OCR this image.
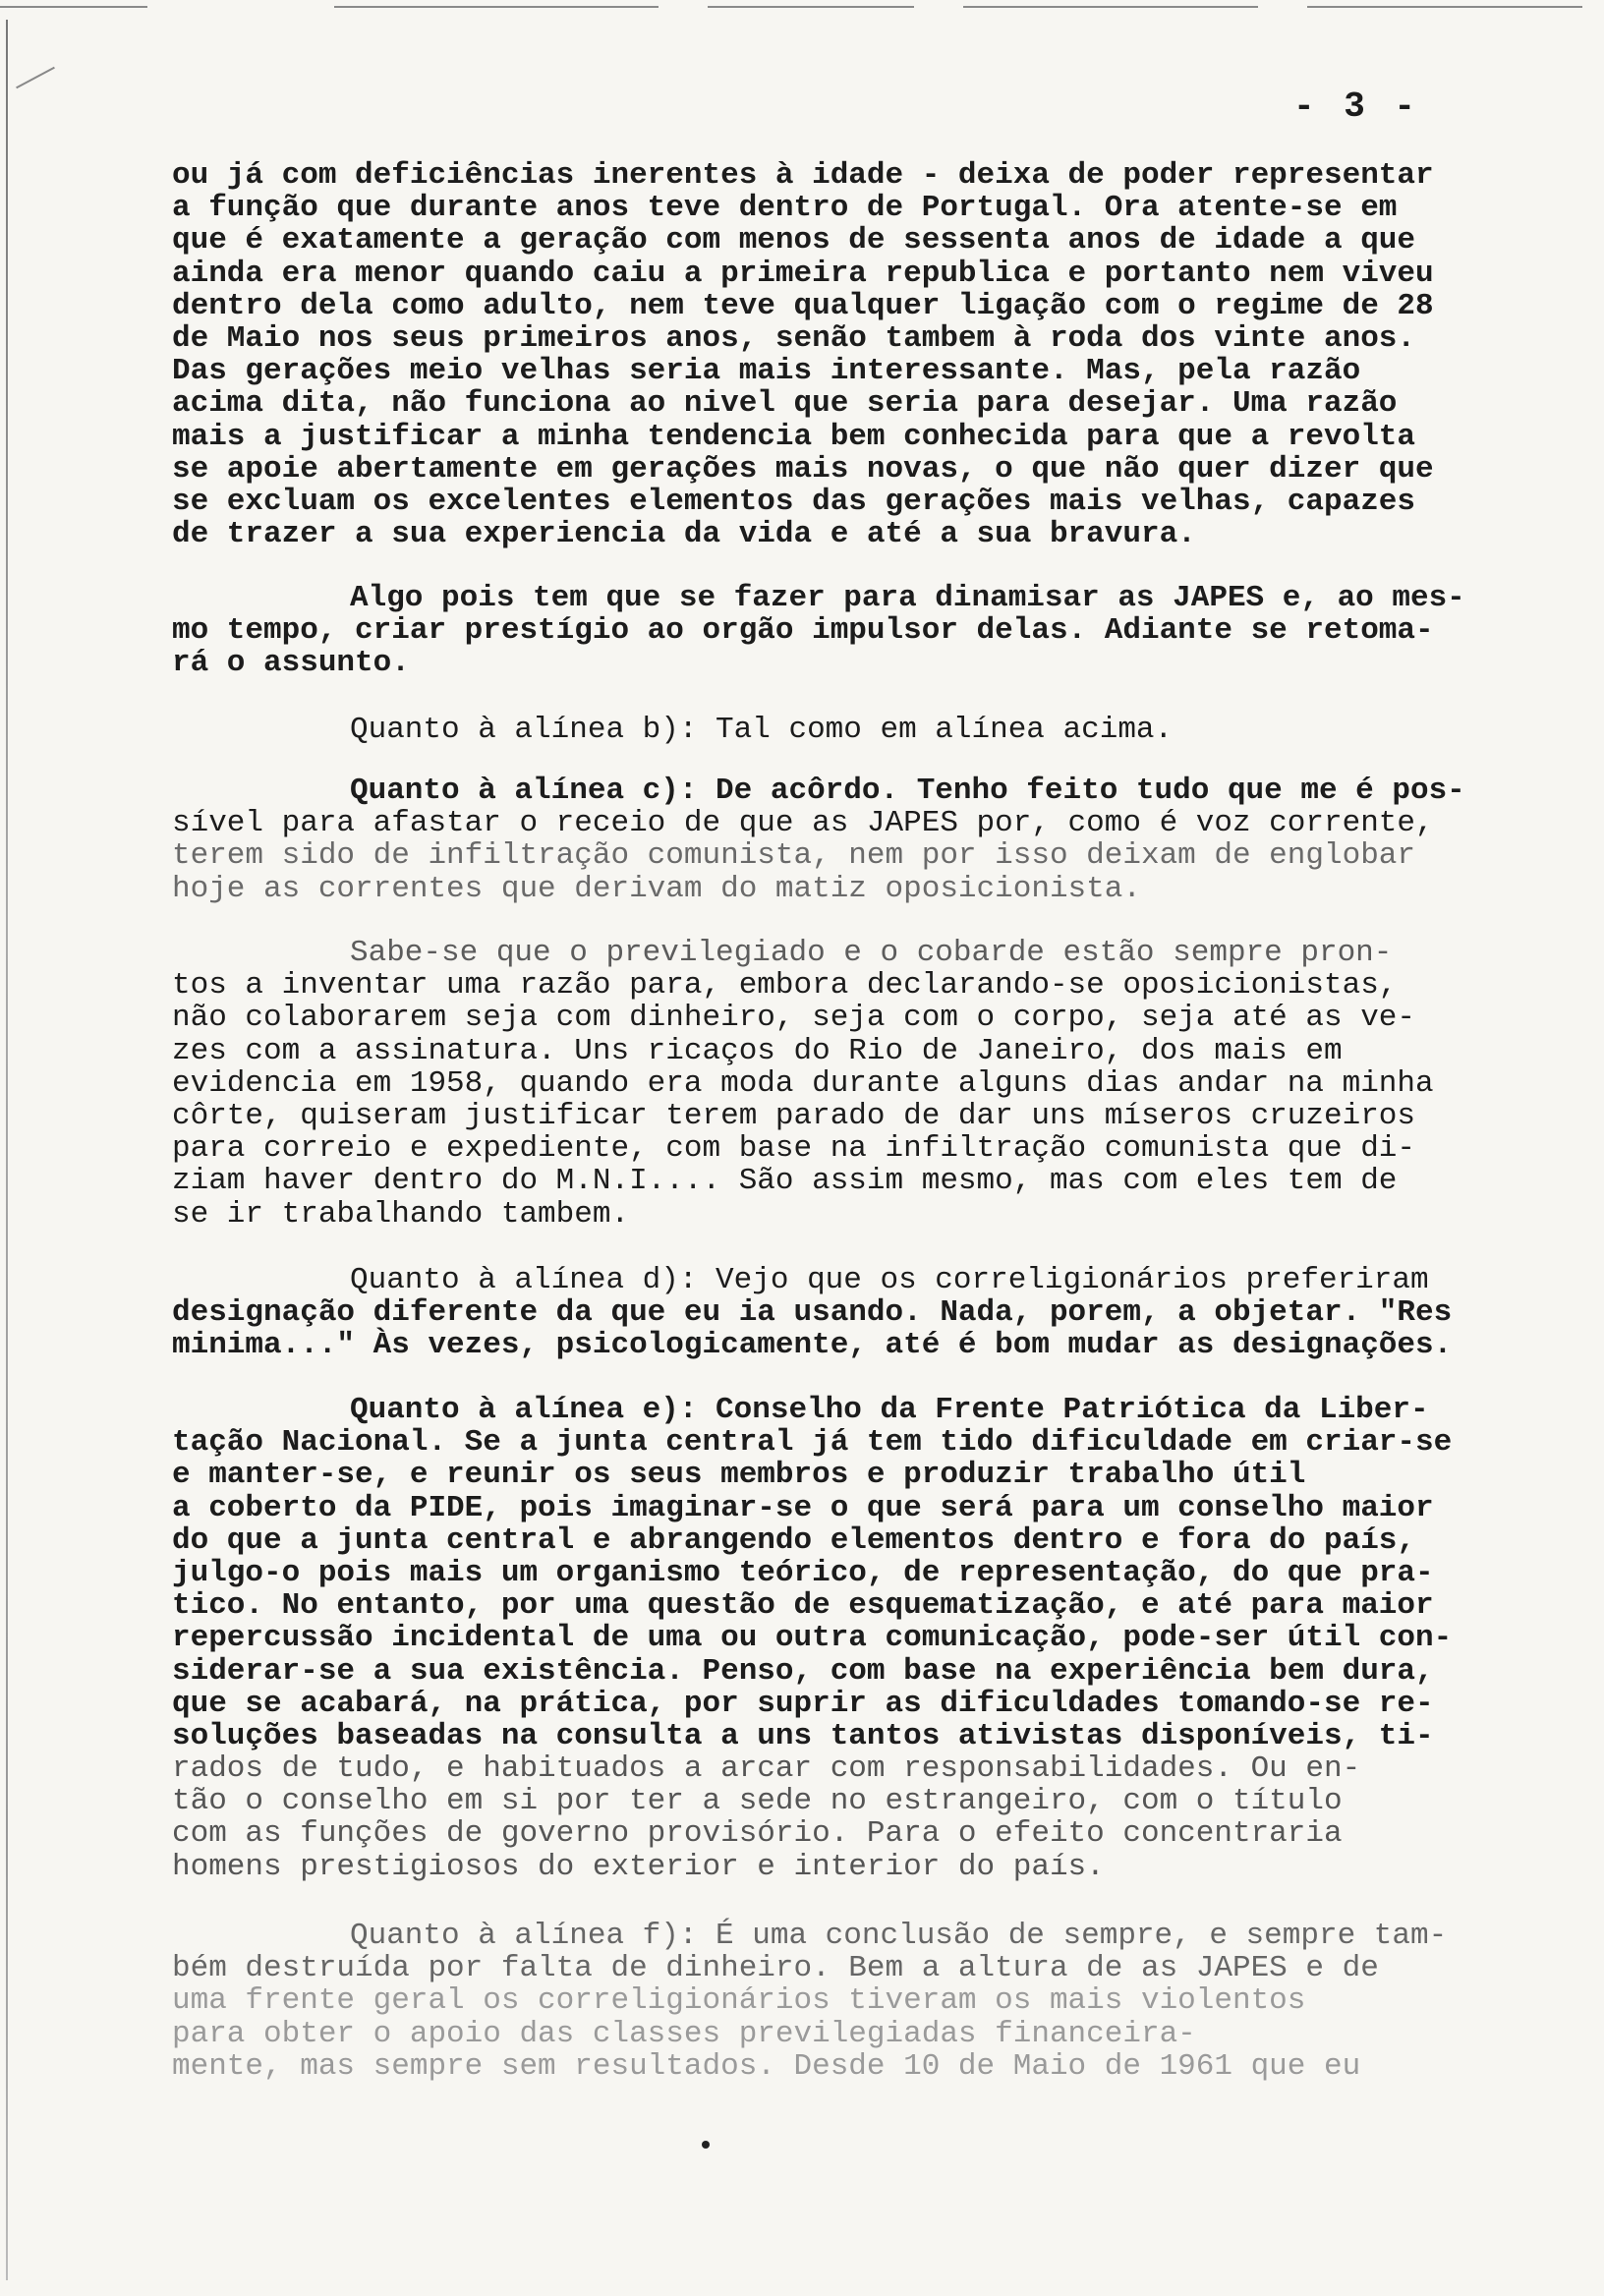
- 3 -
ou já com deficiências inerentes à idade - deixa de poder representar
a função que durante anos teve dentro de Portugal. Ora atente-se em
que é exatamente a geração com menos de sessenta anos de idade a que
ainda era menor quando caiu a primeira republica e portanto nem viveu
dentro dela como adulto, nem teve qualquer ligação com o regime de 28
de Maio nos seus primeiros anos, senão tambem à roda dos vinte anos.
Das gerações meio velhas seria mais interessante. Mas, pela razão
acima dita, não funciona ao nivel que seria para desejar. Uma razão
mais a justificar a minha tendencia bem conhecida para que a revolta
se apoie abertamente em gerações mais novas, o que não quer dizer que
se excluam os excelentes elementos das gerações mais velhas, capazes
de trazer a sua experiencia da vida e até a sua bravura.
Algo pois tem que se fazer para dinamisar as JAPES e, ao mes-
mo tempo, criar prestígio ao orgão impulsor delas. Adiante se retoma-
rá o assunto.
Quanto à alínea b): Tal como em alínea acima.
Quanto à alínea c): De acôrdo. Tenho feito tudo que me é pos-
sível para afastar o receio de que as JAPES por, como é voz corrente,
terem sido de infiltração comunista, nem por isso deixam de englobar
hoje as correntes que derivam do matiz oposicionista.
Sabe-se que o previlegiado e o cobarde estão sempre pron-
tos a inventar uma razão para, embora declarando-se oposicionistas,
não colaborarem seja com dinheiro, seja com o corpo, seja até as ve-
zes com a assinatura. Uns ricaços do Rio de Janeiro, dos mais em
evidencia em 1958, quando era moda durante alguns dias andar na minha
côrte, quiseram justificar terem parado de dar uns míseros cruzeiros
para correio e expediente, com base na infiltração comunista que di-
ziam haver dentro do M.N.I.... São assim mesmo, mas com eles tem de
se ir trabalhando tambem.
Quanto à alínea d): Vejo que os correligionários preferiram
designação diferente da que eu ia usando. Nada, porem, a objetar. "Res
minima..." Às vezes, psicologicamente, até é bom mudar as designações.
Quanto à alínea e): Conselho da Frente Patriótica da Liber-
tação Nacional. Se a junta central já tem tido dificuldade em criar-se
e manter-se, e reunir os seus membros e produzir trabalho útil
a coberto da PIDE, pois imaginar-se o que será para um conselho maior
do que a junta central e abrangendo elementos dentro e fora do país,
julgo-o pois mais um organismo teórico, de representação, do que pra-
tico. No entanto, por uma questão de esquematização, e até para maior
repercussão incidental de uma ou outra comunicação, pode-ser útil con-
siderar-se a sua existência. Penso, com base na experiência bem dura,
que se acabará, na prática, por suprir as dificuldades tomando-se re-
soluções baseadas na consulta a uns tantos ativistas disponíveis, ti-
rados de tudo, e habituados a arcar com responsabilidades. Ou en-
tão o conselho em si por ter a sede no estrangeiro, com o título
com as funções de governo provisório. Para o efeito concentraria
homens prestigiosos do exterior e interior do país.
Quanto à alínea f): É uma conclusão de sempre, e sempre tam-
bém destruída por falta de dinheiro. Bem a altura de as JAPES e de
uma frente geral os correligionários tiveram os mais violentos
para obter o apoio das classes previlegiadas financeira-
mente, mas sempre sem resultados. Desde 10 de Maio de 1961 que eu
